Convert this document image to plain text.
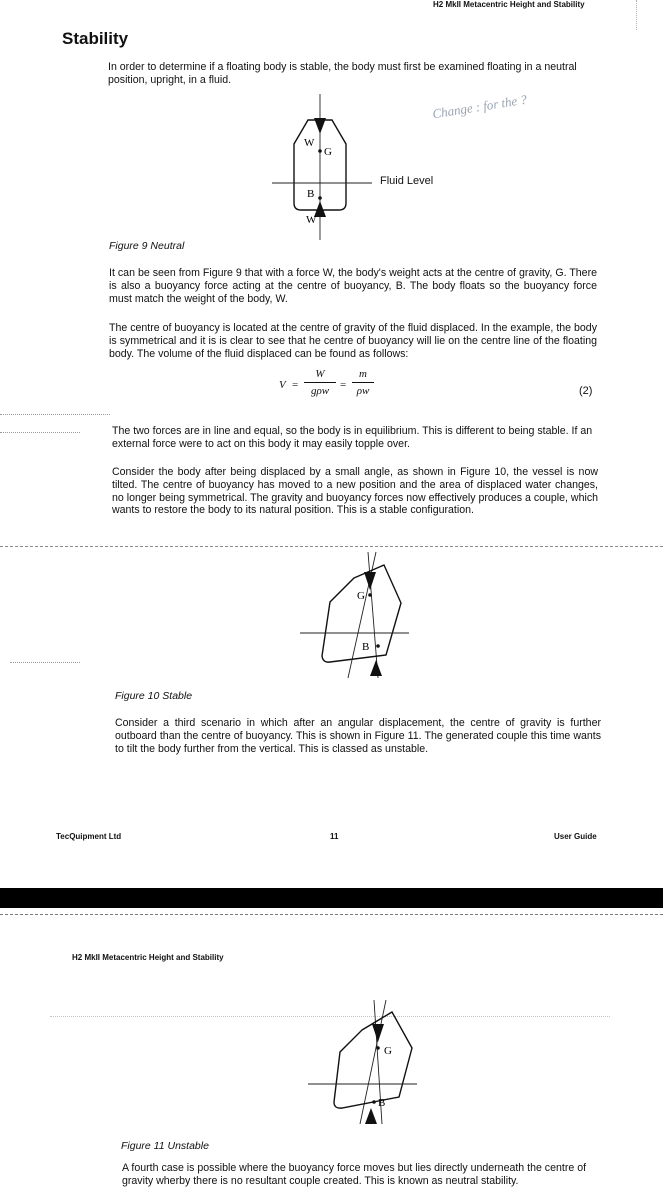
H2 MkII Metacentric Height and Stability
Stability

In order to determine if a floating body is stable, the body must first be examined floating in a neutral position, upright, in a fluid.

Change : for the ?
W
G
B
W
Fluid Level
Figure 9 Neutral

It can be seen from Figure 9 that with a force W, the body's weight acts at the centre of gravity, G. There is also a buoyancy force acting at the centre of buoyancy, B. The body floats so the buoyancy force must match the weight of the body, W.

The centre of buoyancy is located at the centre of gravity of the fluid displaced. In the example, the body is symmetrical and it is is clear to see that he centre of buoyancy will lie on the centre line of the floating body. The volume of the fluid displaced can be found as follows:

V =
W
gρw =
m
ρw	(2)

The two forces are in line and equal, so the body is in equilibrium. This is different to being stable. If an external force were to act on this body it may easily topple over.

Consider the body after being displaced by a small angle, as shown in Figure 10, the vessel is now tilted. The centre of buoyancy has moved to a new position and the area of displaced water changes, no longer being symmetrical. The gravity and buoyancy forces now effectively produces a couple, which wants to restore the body to its natural position. This is a stable configuration.

G
B
Figure 10 Stable

Consider a third scenario in which after an angular displacement, the centre of gravity is further outboard than the centre of buoyancy. This is shown in Figure 11. The generated couple this time wants to tilt the body further from the vertical. This is classed as unstable.

TecQuipment Ltd	11	User Guide
H2 MkII Metacentric Height and Stability
G
B
Figure 11 Unstable

A fourth case is possible where the buoyancy force moves but lies directly underneath the centre of gravity wherby there is no resultant couple created. This is known as neutral stability.
